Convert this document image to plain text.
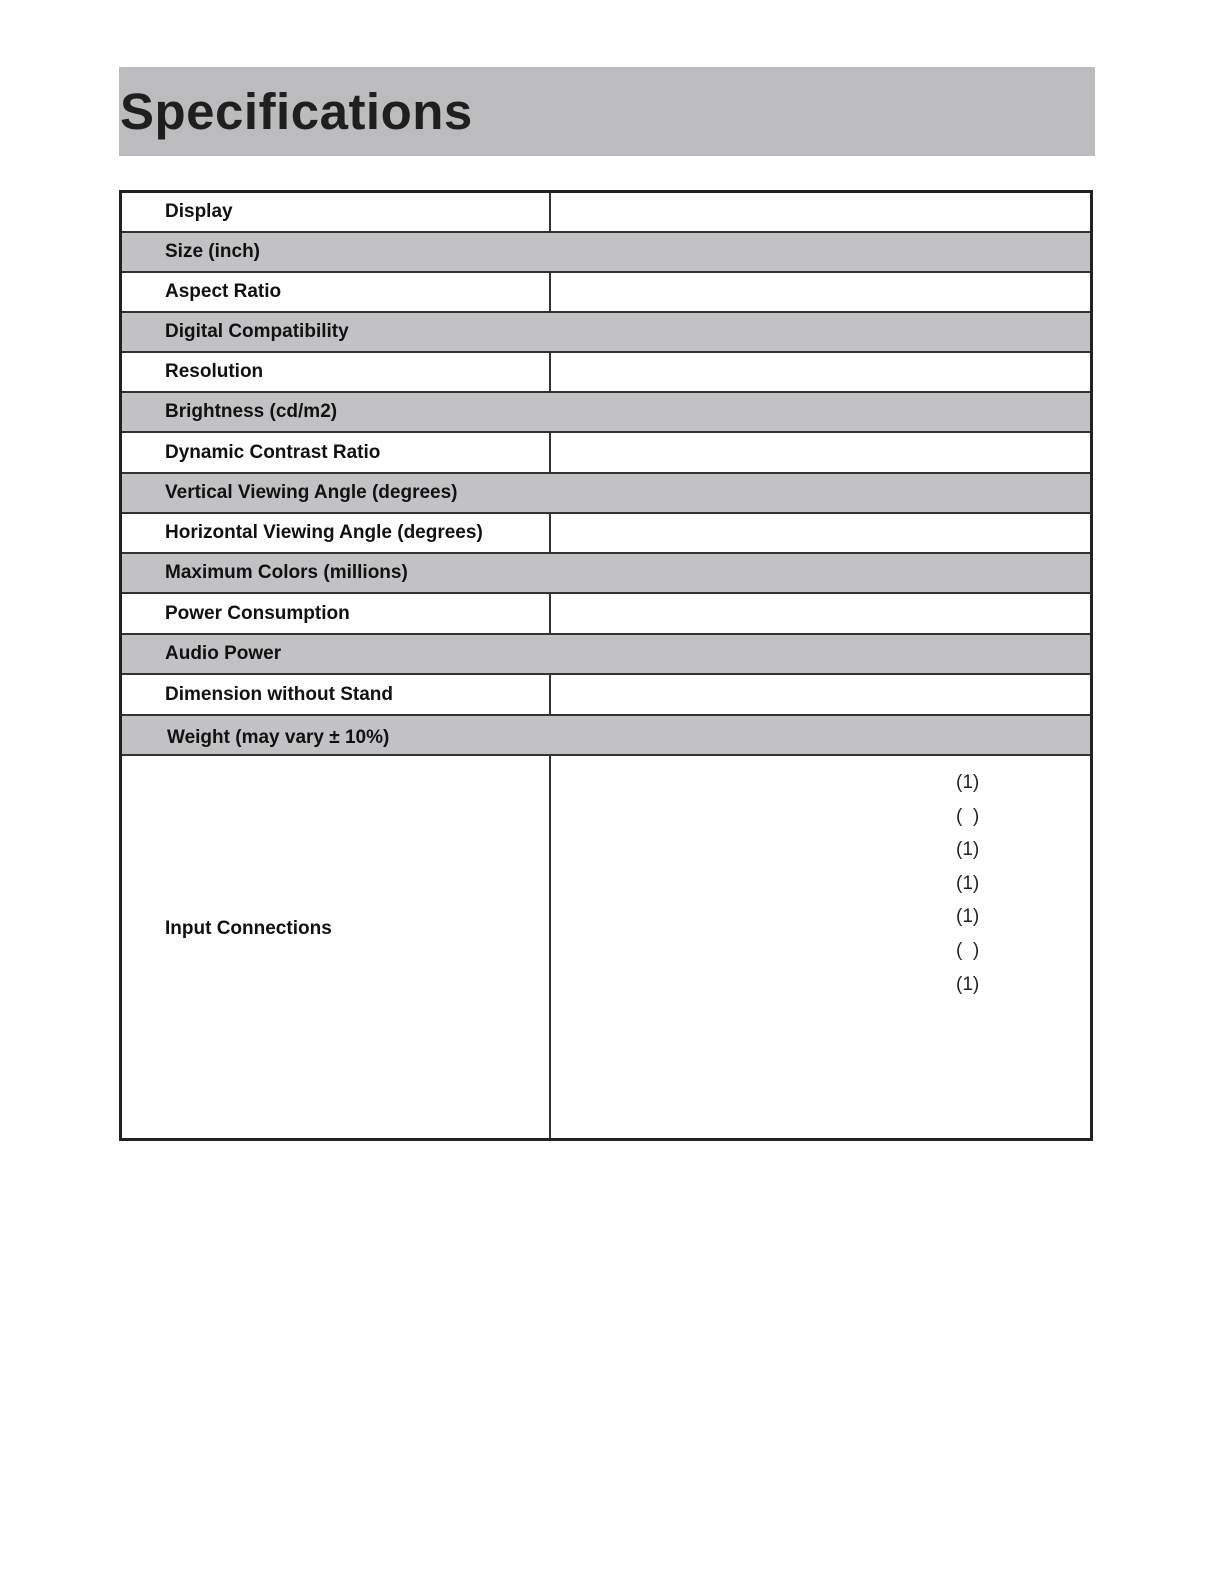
Specifications
Display
Size (inch)
Aspect Ratio
Digital Compatibility
Resolution
Brightness (cd/m2)
Dynamic Contrast Ratio
Vertical Viewing Angle (degrees)
Horizontal Viewing Angle (degrees)
Maximum Colors (millions)
Power Consumption
Audio Power
Dimension without Stand
Weight (may vary ± 10%)
Input Connections
(1)
(  )
(1)
(1)
(1)
(  )
(1)
